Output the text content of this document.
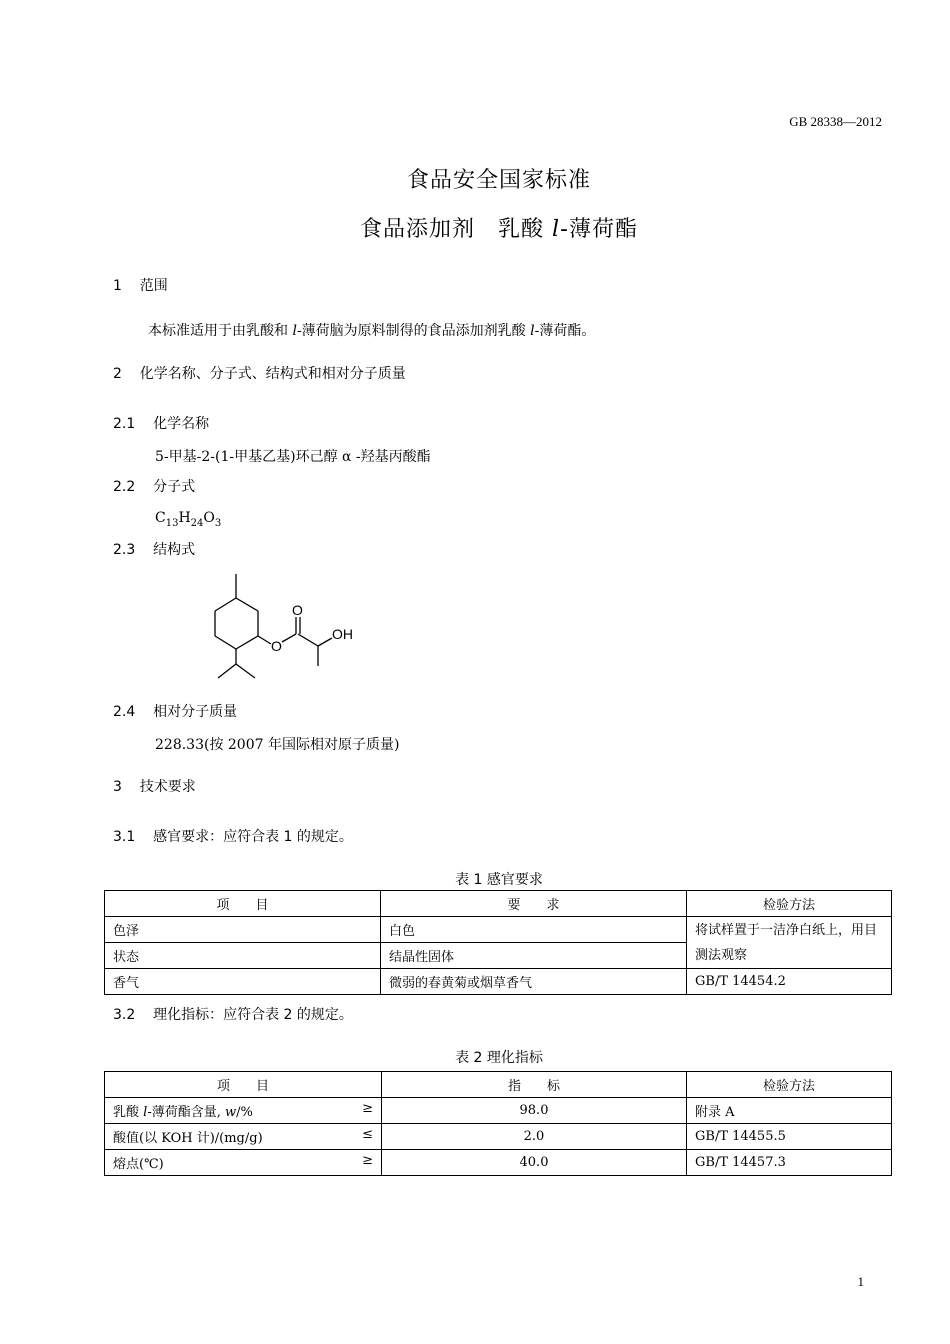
GB 28338—2012
食品安全国家标准
食品添加剂　乳酸 l-薄荷酯
1 范围
本标准适用于由乳酸和 l-薄荷脑为原料制得的食品添加剂乳酸 l-薄荷酯。
2 化学名称、分子式、结构式和相对分子质量
2.1 化学名称
5-甲基-2-(1-甲基乙基)环己醇 α -羟基丙酸酯
2.2 分子式
$C_{13}H_{24}O_3$
2.3 结构式
O
O
OH
2.4 相对分子质量
228.33(按 2007 年国际相对原子质量)
3 技术要求
3.1 感官要求：应符合表 1 的规定。
表 1 感官要求
项　　目	要　　求	检验方法
色泽	白色	将试样置于一洁净白纸上，用目测法观察
状态	结晶性固体	
香气	微弱的春黄菊或烟草香气	GB/T 14454.2
3.2 理化指标：应符合表 2 的规定。
表 2 理化指标
项　　目	指　　标	检验方法

乳酸 l-薄荷酯含量, w/% ≥	98.0	附录 A

酸值(以 KOH 计)/(mg/g) ≤	2.0	GB/T 14455.5

熔点(℃) ≥	40.0	GB/T 14457.3
1
